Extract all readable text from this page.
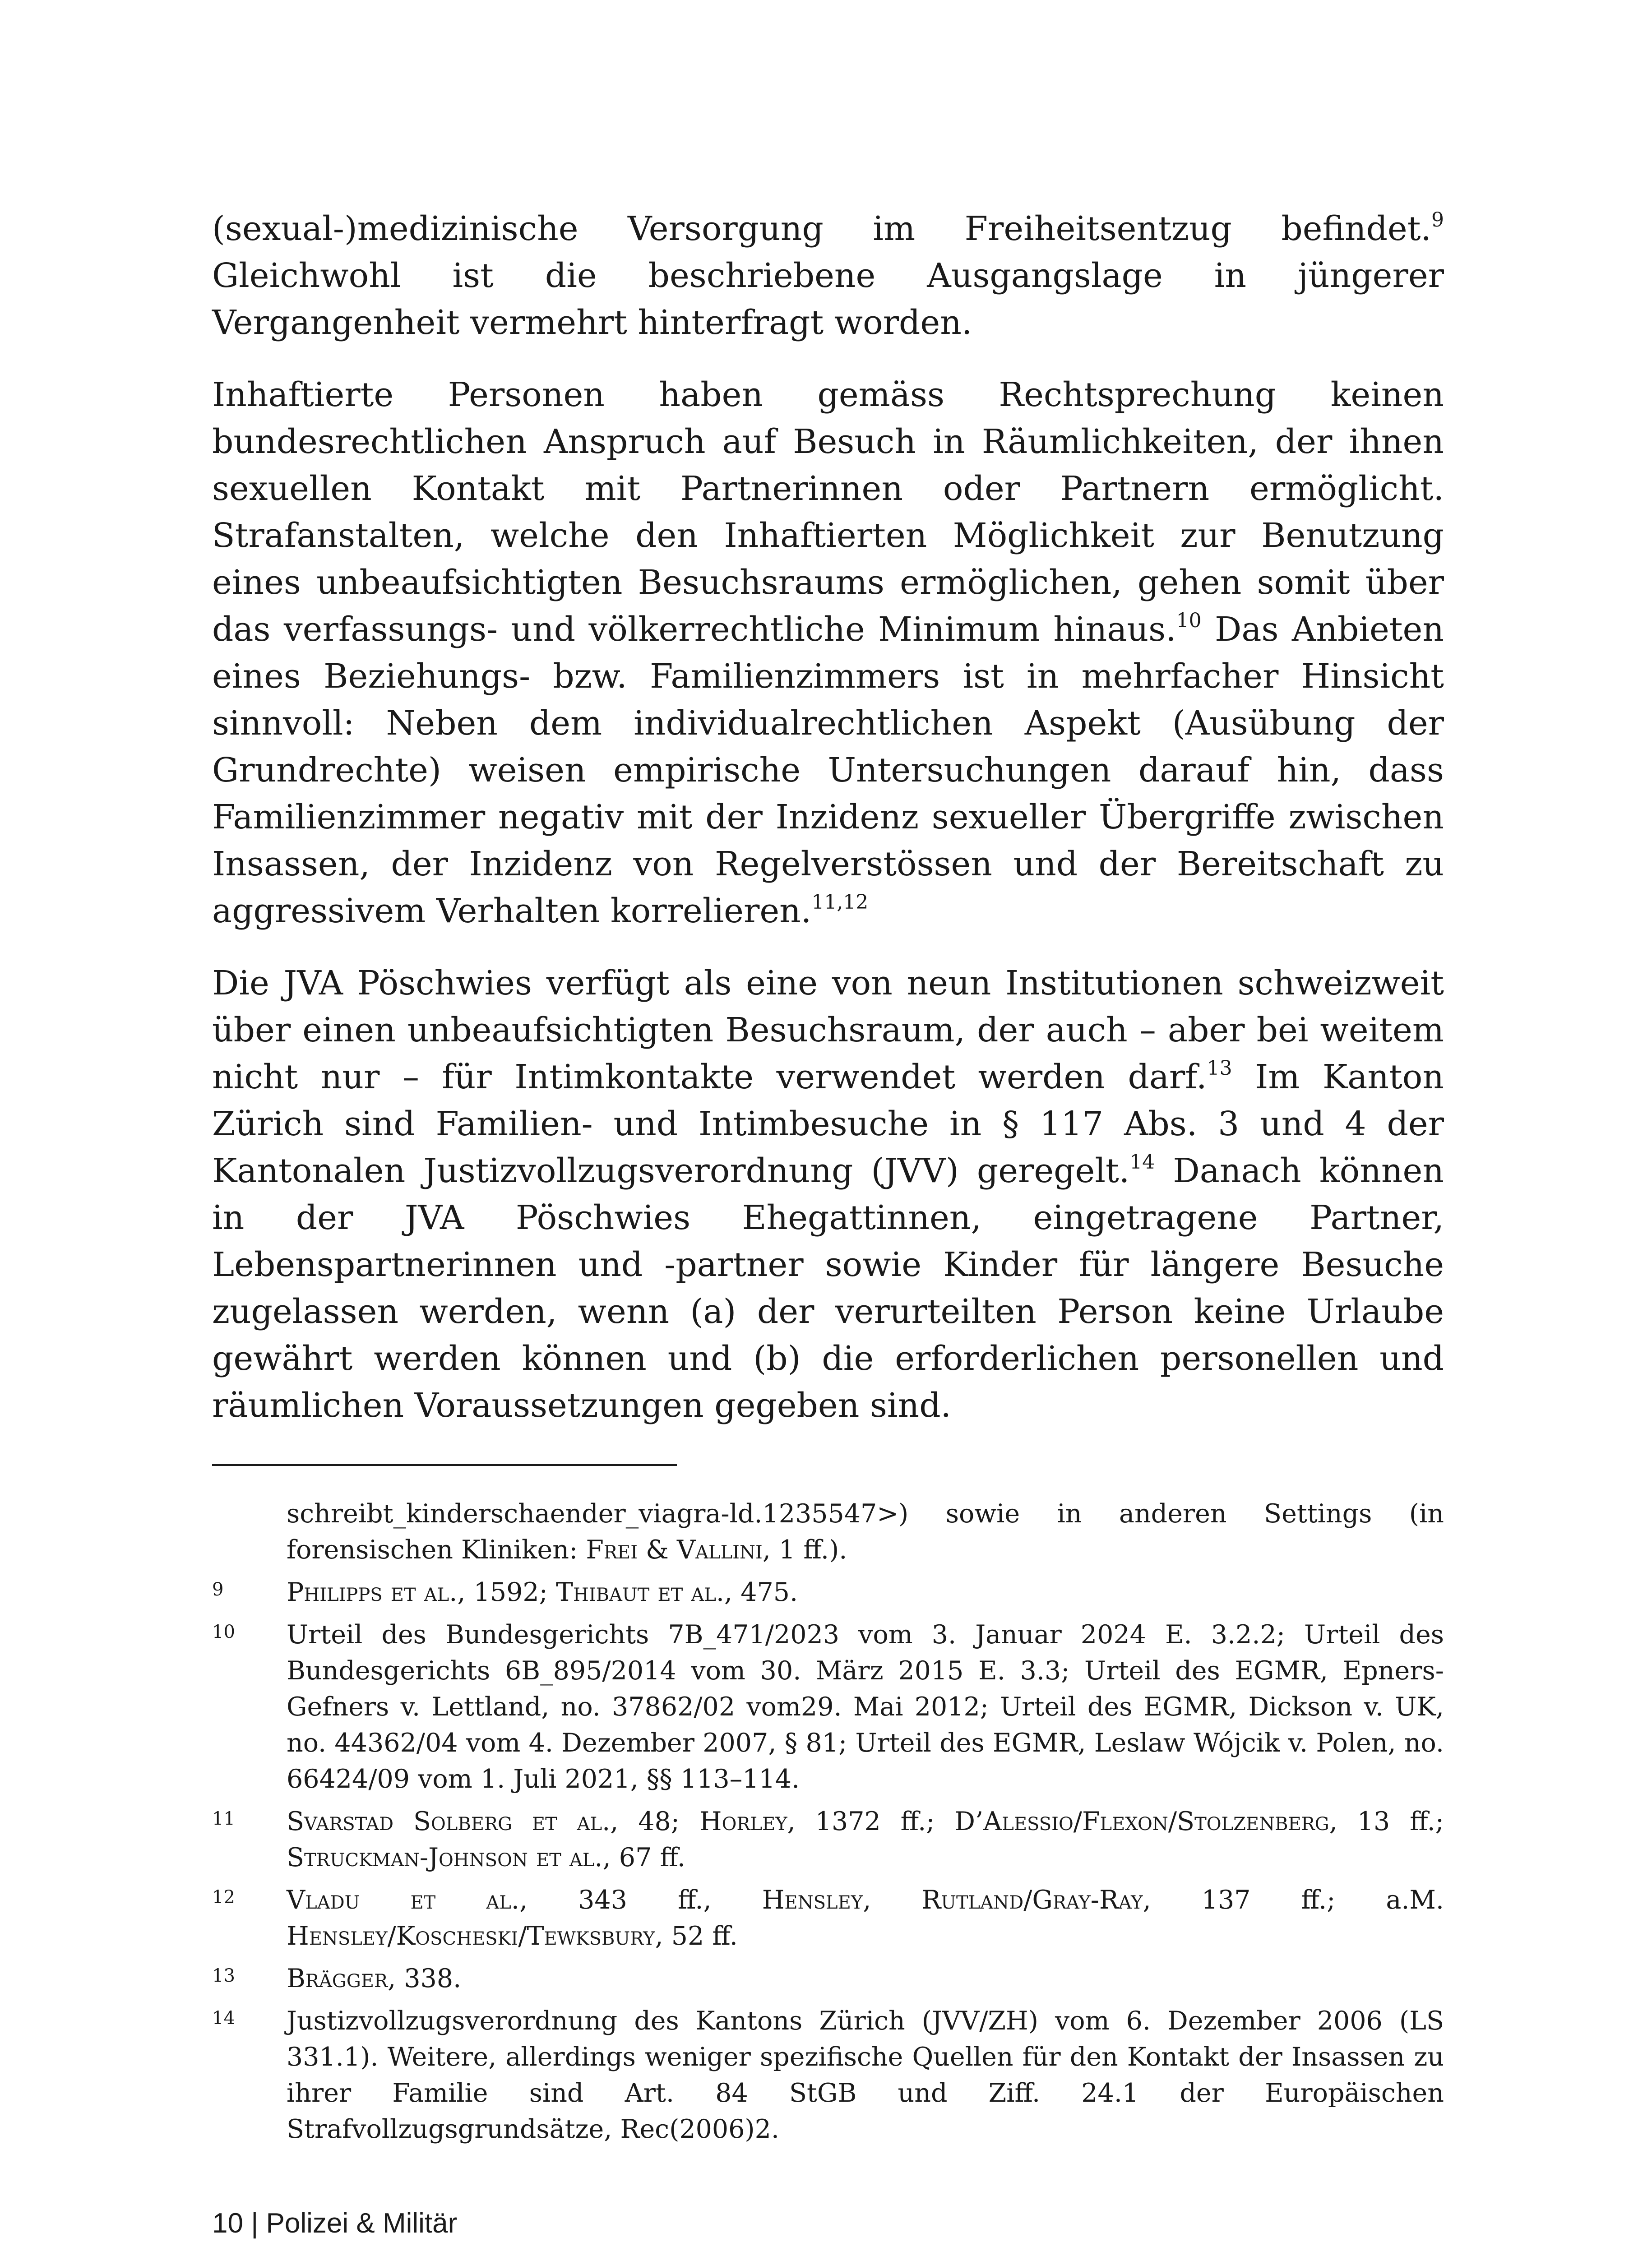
(sexual-)medizinische Versorgung im Freiheitsentzug befindet.$^9$ Gleichwohl ist die beschriebene Ausgangslage in jüngerer Vergangenheit vermehrt hinterfragt worden.

Inhaftierte Personen haben gemäss Rechtsprechung keinen bundesrechtlichen Anspruch auf Besuch in Räumlichkeiten, der ihnen sexuellen Kontakt mit Partnerinnen oder Partnern ermöglicht. Strafanstalten, welche den Inhaftierten Möglichkeit zur Benutzung eines unbeaufsichtigten Besuchsraums ermöglichen, gehen somit über das verfassungs- und völkerrechtliche Minimum hinaus.$^{10}$ Das Anbieten eines Beziehungs- bzw. Familienzimmers ist in mehrfacher Hinsicht sinnvoll: Neben dem individualrechtlichen Aspekt (Ausübung der Grundrechte) weisen empirische Untersuchungen darauf hin, dass Familienzimmer negativ mit der Inzidenz sexueller Übergriffe zwischen Insassen, der Inzidenz von Regelverstössen und der Bereitschaft zu aggressivem Verhalten korrelieren.$^{11,12}$

Die JVA Pöschwies verfügt als eine von neun Institutionen schweizweit über einen unbeaufsichtigten Besuchsraum, der auch – aber bei weitem nicht nur – für Intimkontakte verwendet werden darf.$^{13}$ Im Kanton Zürich sind Familien- und Intimbesuche in § 117 Abs. 3 und 4 der Kantonalen Justizvollzugsverordnung (JVV) geregelt.$^{14}$ Danach können in der JVA Pöschwies Ehegattinnen, eingetragene Partner, Lebenspartnerinnen und -partner sowie Kinder für längere Besuche zugelassen werden, wenn (a) der verurteilten Person keine Urlaube gewährt werden können und (b) die erforderlichen personellen und räumlichen Voraussetzungen gegeben sind.

schreibt_kinderschaender_viagra-ld.1235547>) sowie in anderen Settings (in forensischen Kliniken: Frei & Vallini, 1 ff.).
9	Philipps et al., 1592; Thibaut et al., 475.
10	Urteil des Bundesgerichts 7B_471/2023 vom 3. Januar 2024 E. 3.2.2; Urteil des Bundesgerichts 6B_895/2014 vom 30. März 2015 E. 3.3; Urteil des EGMR, Epners-Gefners v. Lettland, no. 37862/02 vom29. Mai 2012; Urteil des EGMR, Dickson v. UK, no. 44362/04 vom 4. Dezember 2007, § 81; Urteil des EGMR, Leslaw Wójcik v. Polen, no. 66424/09 vom 1. Juli 2021, §§ 113–114.
11	Svarstad Solberg et al., 48; Horley, 1372 ff.; D’Alessio/Flexon/Stolzenberg, 13 ff.; Struckman-Johnson et al., 67 ff.
12	Vladu et al., 343 ff., Hensley, Rutland/Gray-Ray, 137 ff.; a.M. Hensley/Koscheski/Tewksbury, 52 ff.
13	Brägger, 338.
14	Justizvollzugsverordnung des Kantons Zürich (JVV/ZH) vom 6. Dezember 2006 (LS 331.1). Weitere, allerdings weniger spezifische Quellen für den Kontakt der Insassen zu ihrer Familie sind Art. 84 StGB und Ziff. 24.1 der Europäischen Strafvollzugsgrundsätze, Rec(2006)2.
10 | Polizei & Militär
